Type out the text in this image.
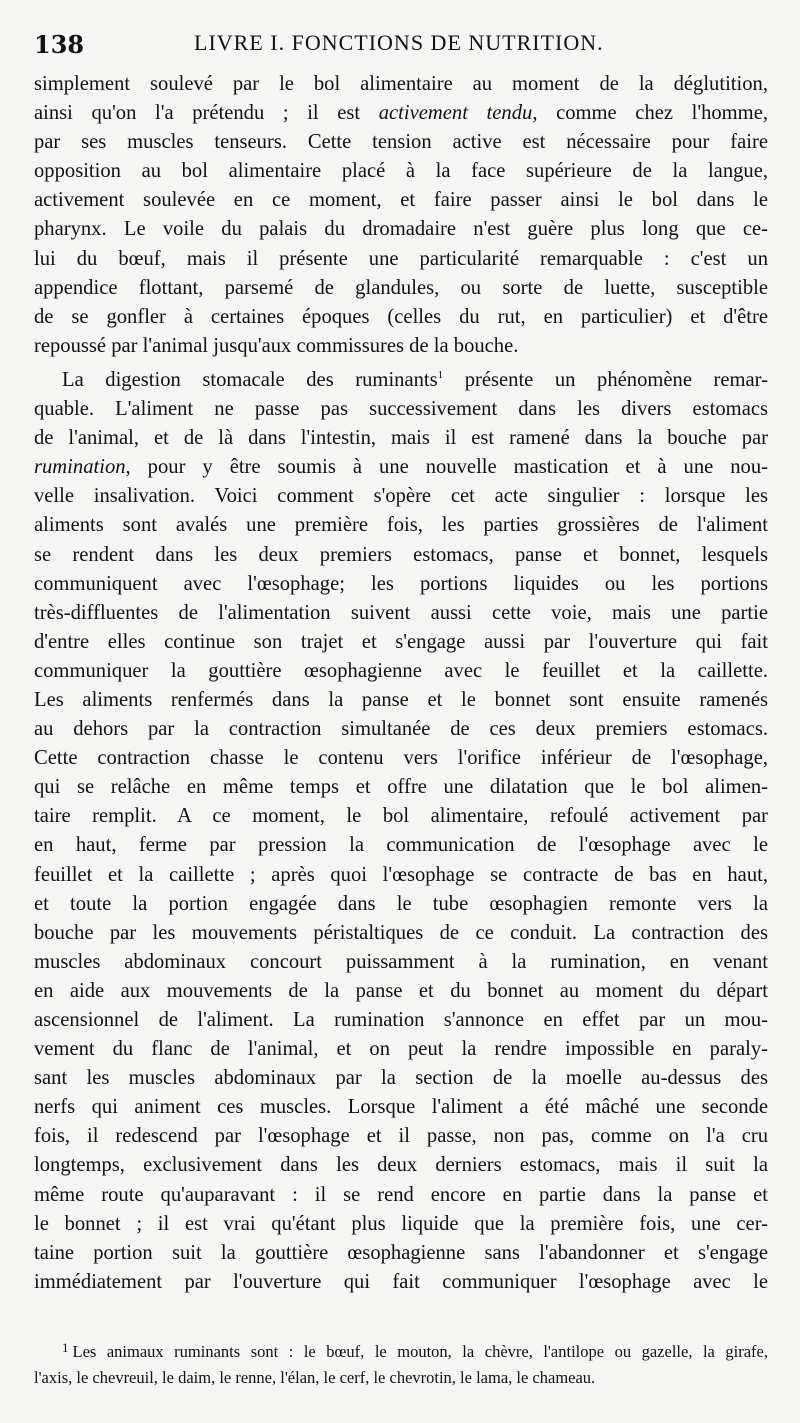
138	LIVRE I. FONCTIONS DE NUTRITION.
simplement soulevé par le bol alimentaire au moment de la déglutition,
ainsi qu'on l'a prétendu ; il est activement tendu, comme chez l'homme,
par ses muscles tenseurs. Cette tension active est nécessaire pour faire
opposition au bol alimentaire placé à la face supérieure de la langue,
activement soulevée en ce moment, et faire passer ainsi le bol dans le
pharynx. Le voile du palais du dromadaire n'est guère plus long que ce-
lui du bœuf, mais il présente une particularité remarquable : c'est un
appendice flottant, parsemé de glandules, ou sorte de luette, susceptible
de se gonfler à certaines époques (celles du rut, en particulier) et d'être
repoussé par l'animal jusqu'aux commissures de la bouche.
La digestion stomacale des ruminants$^1$ présente un phénomène remar-
quable. L'aliment ne passe pas successivement dans les divers estomacs
de l'animal, et de là dans l'intestin, mais il est ramené dans la bouche par
rumination, pour y être soumis à une nouvelle mastication et à une nou-
velle insalivation. Voici comment s'opère cet acte singulier : lorsque les
aliments sont avalés une première fois, les parties grossières de l'aliment
se rendent dans les deux premiers estomacs, panse et bonnet, lesquels
communiquent avec l'œsophage; les portions liquides ou les portions
très-diffluentes de l'alimentation suivent aussi cette voie, mais une partie
d'entre elles continue son trajet et s'engage aussi par l'ouverture qui fait
communiquer la gouttière œsophagienne avec le feuillet et la caillette.
Les aliments renfermés dans la panse et le bonnet sont ensuite ramenés
au dehors par la contraction simultanée de ces deux premiers estomacs.
Cette contraction chasse le contenu vers l'orifice inférieur de l'œsophage,
qui se relâche en même temps et offre une dilatation que le bol alimen-
taire remplit. A ce moment, le bol alimentaire, refoulé activement par
en haut, ferme par pression la communication de l'œsophage avec le
feuillet et la caillette ; après quoi l'œsophage se contracte de bas en haut,
et toute la portion engagée dans le tube œsophagien remonte vers la
bouche par les mouvements péristaltiques de ce conduit. La contraction des
muscles abdominaux concourt puissamment à la rumination, en venant
en aide aux mouvements de la panse et du bonnet au moment du départ
ascensionnel de l'aliment. La rumination s'annonce en effet par un mou-
vement du flanc de l'animal, et on peut la rendre impossible en paraly-
sant les muscles abdominaux par la section de la moelle au-dessus des
nerfs qui animent ces muscles. Lorsque l'aliment a été mâché une seconde
fois, il redescend par l'œsophage et il passe, non pas, comme on l'a cru
longtemps, exclusivement dans les deux derniers estomacs, mais il suit la
même route qu'auparavant : il se rend encore en partie dans la panse et
le bonnet ; il est vrai qu'étant plus liquide que la première fois, une cer-
taine portion suit la gouttière œsophagienne sans l'abandonner et s'engage
immédiatement par l'ouverture qui fait communiquer l'œsophage avec le
$^1$ Les animaux ruminants sont : le bœuf, le mouton, la chèvre, l'antilope ou gazelle, la girafe,
l'axis, le chevreuil, le daim, le renne, l'élan, le cerf, le chevrotin, le lama, le chameau.
